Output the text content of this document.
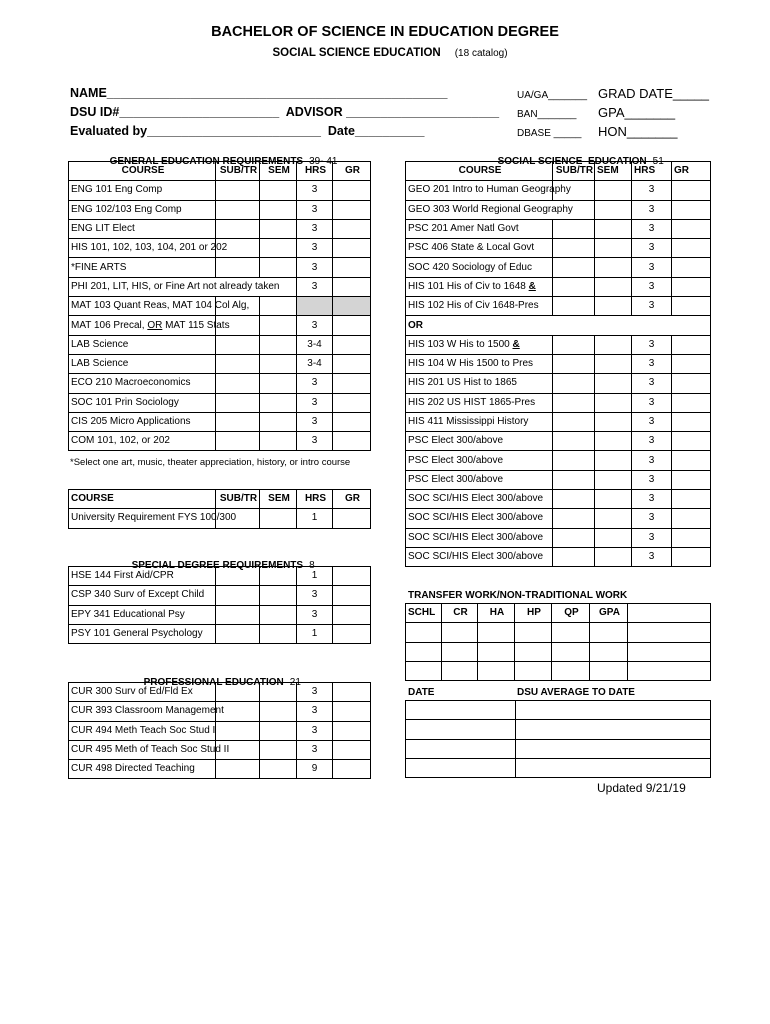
BACHELOR OF SCIENCE IN EDUCATION DEGREE
SOCIAL SCIENCE EDUCATION (18 catalog)
NAME_________________________________________________
DSU ID#_______________________  ADVISOR ______________________
Evaluated by_________________________  Date__________
UA/GA_______
BAN_______
DBASE _____
GRAD DATE_____
GPA_______
HON_______

GENERAL EDUCATION REQUIREMENTS 39- 41

COURSE	SUB/TR	SEM	HRS	GR
ENG 101 Eng Comp			3	
ENG 102/103 Eng Comp			3	
ENG LIT Elect			3	
HIS 101, 102, 103, 104, 201 or 202			3	
*FINE ARTS			3	
PHI 201, LIT, HIS, or Fine Art not already taken			3	
MAT 103 Quant Reas, MAT 104 Col Alg,				
MAT 106 Precal, OR MAT 115 Stats			3	
LAB Science			3-4	
LAB Science			3-4	
ECO 210 Macroeconomics			3	
SOC 101 Prin Sociology			3	
CIS 205 Micro Applications			3	
COM 101, 102, or 202			3	
*Select one art, music, theater appreciation, history, or intro course
COURSE	SUB/TR	SEM	HRS	GR
University Requirement FYS 100/300			1	

SPECIAL DEGREE REQUIREMENTS 8

HSE 144 First Aid/CPR			1	
CSP 340 Surv of Except Child			3	
EPY 341 Educational Psy			3	
PSY 101 General Psychology			1	

PROFESSIONAL EDUCATION 21

CUR 300 Surv of Ed/Fld Ex			3	
CUR 393 Classroom Management			3	
CUR 494 Meth Teach Soc Stud I			3	
CUR 495 Meth of Teach Soc Stud II			3	
CUR 498 Directed Teaching			9	

SOCIAL SCIENCE  EDUCATION 51

COURSE	SUB/TR	SEM	HRS	GR
GEO 201 Intro to Human Geography			3	
GEO 303 World Regional Geography			3	
PSC 201 Amer Natl Govt			3	
PSC 406 State & Local Govt			3	
SOC 420 Sociology of Educ			3	
HIS 101 His of Civ to 1648 &			3	
HIS 102 His of Civ 1648-Pres			3	
OR				
HIS 103 W His to 1500 &			3	
HIS 104 W His 1500 to Pres			3	
HIS 201 US Hist to 1865			3	
HIS 202 US HIST 1865-Pres			3	
HIS 411 Mississippi History			3	
PSC Elect 300/above			3	
PSC Elect 300/above			3	
PSC Elect 300/above			3	
SOC SCI/HIS Elect 300/above			3	
SOC SCI/HIS Elect 300/above			3	
SOC SCI/HIS Elect 300/above			3	
SOC SCI/HIS Elect 300/above			3	
TRANSFER WORK/NON-TRADITIONAL WORK
SCHL	CR	HA	HP	QP	GPA	

DATE	DSU AVERAGE TO DATE

Updated 9/21/19
